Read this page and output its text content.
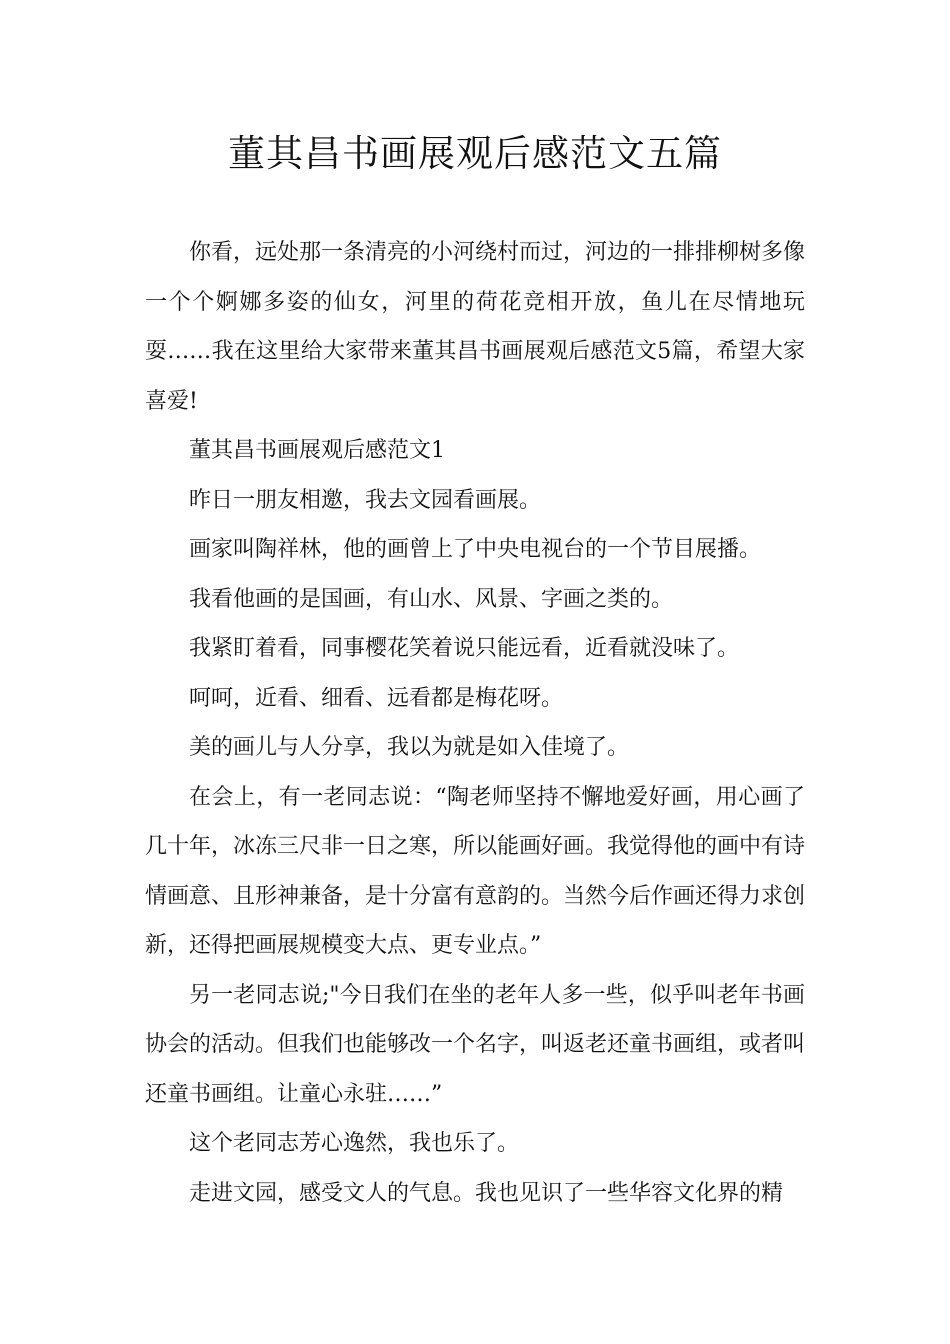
董其昌书画展观后感范文五篇

你看，远处那一条清亮的小河绕村而过，河边的一排排柳树多像一个个婀娜多姿的仙女，河里的荷花竞相开放，鱼儿在尽情地玩耍……我在这里给大家带来董其昌书画展观后感范文5篇，希望大家喜爱!

董其昌书画展观后感范文1

昨日一朋友相邀，我去文园看画展。

画家叫陶祥林，他的画曾上了中央电视台的一个节目展播。

我看他画的是国画，有山水、风景、字画之类的。

我紧盯着看，同事樱花笑着说只能远看，近看就没味了。

呵呵，近看、细看、远看都是梅花呀。

美的画儿与人分享，我以为就是如入佳境了。

在会上，有一老同志说：“陶老师坚持不懈地爱好画，用心画了几十年，冰冻三尺非一日之寒，所以能画好画。我觉得他的画中有诗情画意、且形神兼备，是十分富有意韵的。当然今后作画还得力求创新，还得把画展规模变大点、更专业点。”

另一老同志说;"今日我们在坐的老年人多一些，似乎叫老年书画协会的活动。但我们也能够改一个名字，叫返老还童书画组，或者叫还童书画组。让童心永驻……”

这个老同志芳心逸然，我也乐了。

走进文园，感受文人的气息。我也见识了一些华容文化界的精
